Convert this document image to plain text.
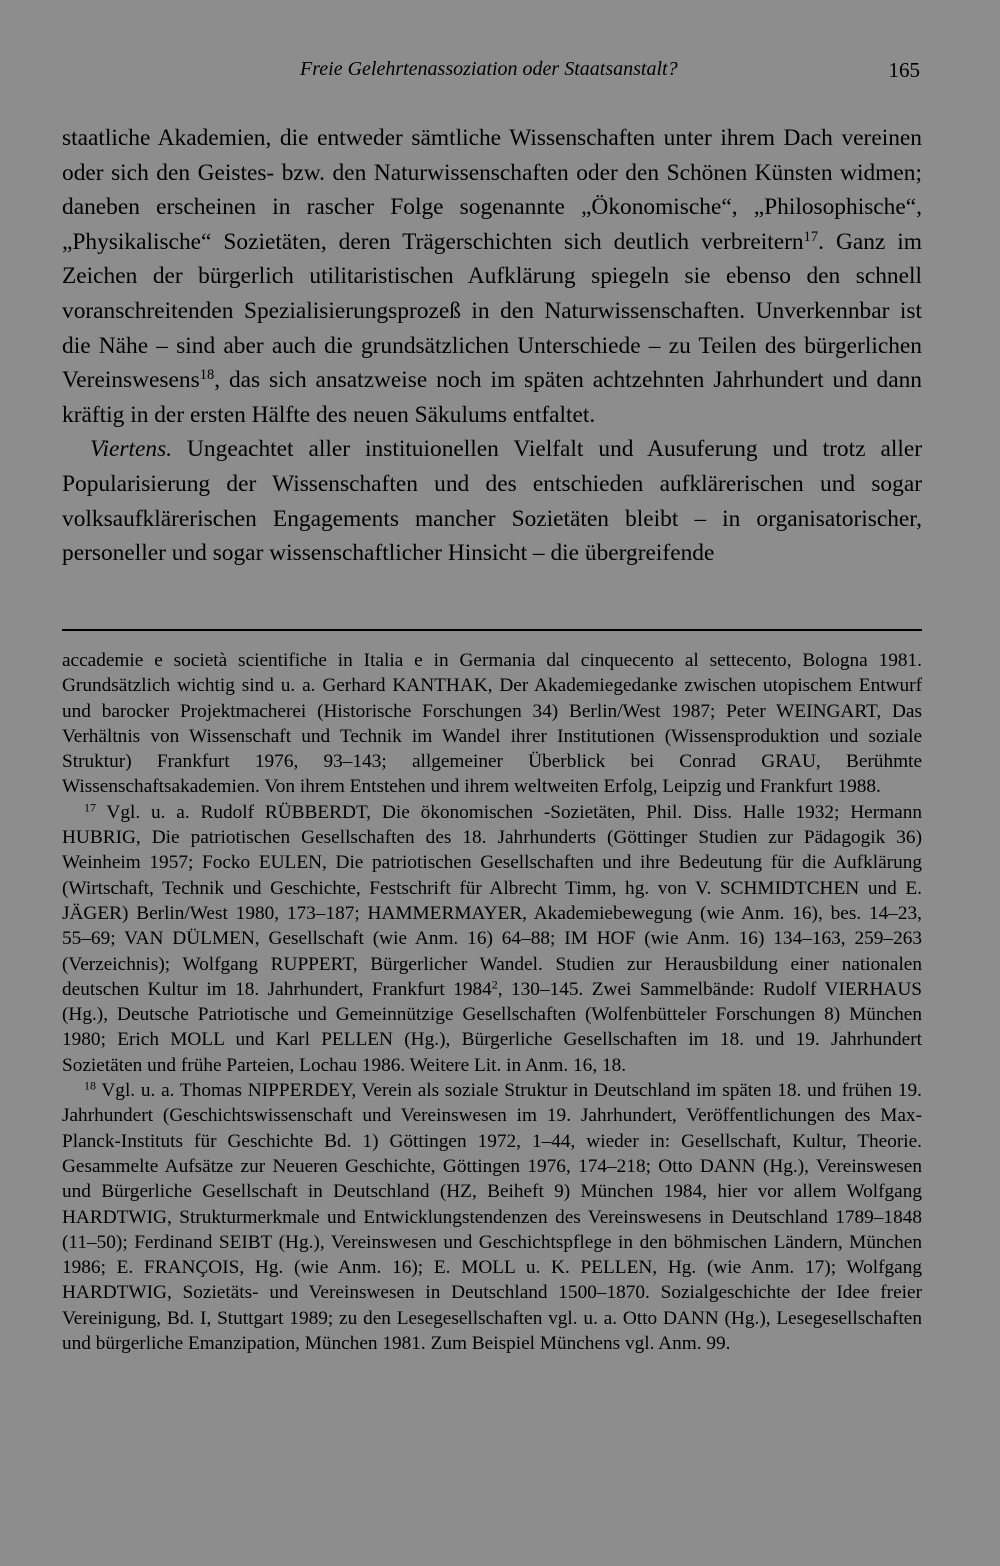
Freie Gelehrtenassoziation oder Staatsanstalt?	165

staatliche Akademien, die entweder sämtliche Wissenschaften unter ihrem Dach vereinen oder sich den Geistes- bzw. den Naturwissenschaften oder den Schönen Künsten widmen; daneben erscheinen in rascher Folge sogenannte „Ökonomische“, „Philosophische“, „Physikalische“ Sozietäten, deren Trägerschichten sich deutlich verbreitern$^{17}$. Ganz im Zeichen der bürgerlich utilitaristischen Aufklärung spiegeln sie ebenso den schnell voranschreitenden Spezialisierungsprozeß in den Naturwissenschaften. Unverkennbar ist die Nähe – sind aber auch die grundsätzlichen Unterschiede – zu Teilen des bürgerlichen Vereinswesens$^{18}$, das sich ansatzweise noch im späten achtzehnten Jahrhundert und dann kräftig in der ersten Hälfte des neuen Säkulums entfaltet.

Viertens. Ungeachtet aller instituionellen Vielfalt und Ausuferung und trotz aller Popularisierung der Wissenschaften und des entschieden aufklärerischen und sogar volksaufklärerischen Engagements mancher Sozietäten bleibt – in organisatorischer, personeller und sogar wissenschaftlicher Hinsicht – die übergreifende

accademie e società scientifiche in Italia e in Germania dal cinquecento al settecento, Bologna 1981. Grundsätzlich wichtig sind u. a. Gerhard KANTHAK, Der Akademiegedanke zwischen utopischem Entwurf und barocker Projektmacherei (Historische Forschungen 34) Berlin/West 1987; Peter WEINGART, Das Verhältnis von Wissenschaft und Technik im Wandel ihrer Institutionen (Wissensproduktion und soziale Struktur) Frankfurt 1976, 93–143; allgemeiner Überblick bei Conrad GRAU, Berühmte Wissenschaftsakademien. Von ihrem Entstehen und ihrem weltweiten Erfolg, Leipzig und Frankfurt 1988.

$^{17}$ Vgl. u. a. Rudolf RÜBBERDT, Die ökonomischen -Sozietäten, Phil. Diss. Halle 1932; Hermann HUBRIG, Die patriotischen Gesellschaften des 18. Jahrhunderts (Göttinger Studien zur Pädagogik 36) Weinheim 1957; Focko EULEN, Die patriotischen Gesellschaften und ihre Bedeutung für die Aufklärung (Wirtschaft, Technik und Geschichte, Festschrift für Albrecht Timm, hg. von V. SCHMIDTCHEN und E. JÄGER) Berlin/West 1980, 173–187; HAMMERMAYER, Akademiebewegung (wie Anm. 16), bes. 14–23, 55–69; VAN DÜLMEN, Gesellschaft (wie Anm. 16) 64–88; IM HOF (wie Anm. 16) 134–163, 259–263 (Verzeichnis); Wolfgang RUPPERT, Bürgerlicher Wandel. Studien zur Herausbildung einer nationalen deutschen Kultur im 18. Jahrhundert, Frankfurt 1984$^2$, 130–145. Zwei Sammelbände: Rudolf VIERHAUS (Hg.), Deutsche Patriotische und Gemeinnützige Gesellschaften (Wolfenbütteler Forschungen 8) München 1980; Erich MOLL und Karl PELLEN (Hg.), Bürgerliche Gesellschaften im 18. und 19. Jahrhundert Sozietäten und frühe Parteien, Lochau 1986. Weitere Lit. in Anm. 16, 18.

$^{18}$ Vgl. u. a. Thomas NIPPERDEY, Verein als soziale Struktur in Deutschland im späten 18. und frühen 19. Jahrhundert (Geschichtswissenschaft und Vereinswesen im 19. Jahrhundert, Veröffentlichungen des Max-Planck-Instituts für Geschichte Bd. 1) Göttingen 1972, 1–44, wieder in: Gesellschaft, Kultur, Theorie. Gesammelte Aufsätze zur Neueren Geschichte, Göttingen 1976, 174–218; Otto DANN (Hg.), Vereinswesen und Bürgerliche Gesellschaft in Deutschland (HZ, Beiheft 9) München 1984, hier vor allem Wolfgang HARDTWIG, Strukturmerkmale und Entwicklungstendenzen des Vereinswesens in Deutschland 1789–1848 (11–50); Ferdinand SEIBT (Hg.), Vereinswesen und Geschichtspflege in den böhmischen Ländern, München 1986; E. FRANÇOIS, Hg. (wie Anm. 16); E. MOLL u. K. PELLEN, Hg. (wie Anm. 17); Wolfgang HARDTWIG, Sozietäts- und Vereinswesen in Deutschland 1500–1870. Sozialgeschichte der Idee freier Vereinigung, Bd. I, Stuttgart 1989; zu den Lesegesellschaften vgl. u. a. Otto DANN (Hg.), Lesegesellschaften und bürgerliche Emanzipation, München 1981. Zum Beispiel Münchens vgl. Anm. 99.
